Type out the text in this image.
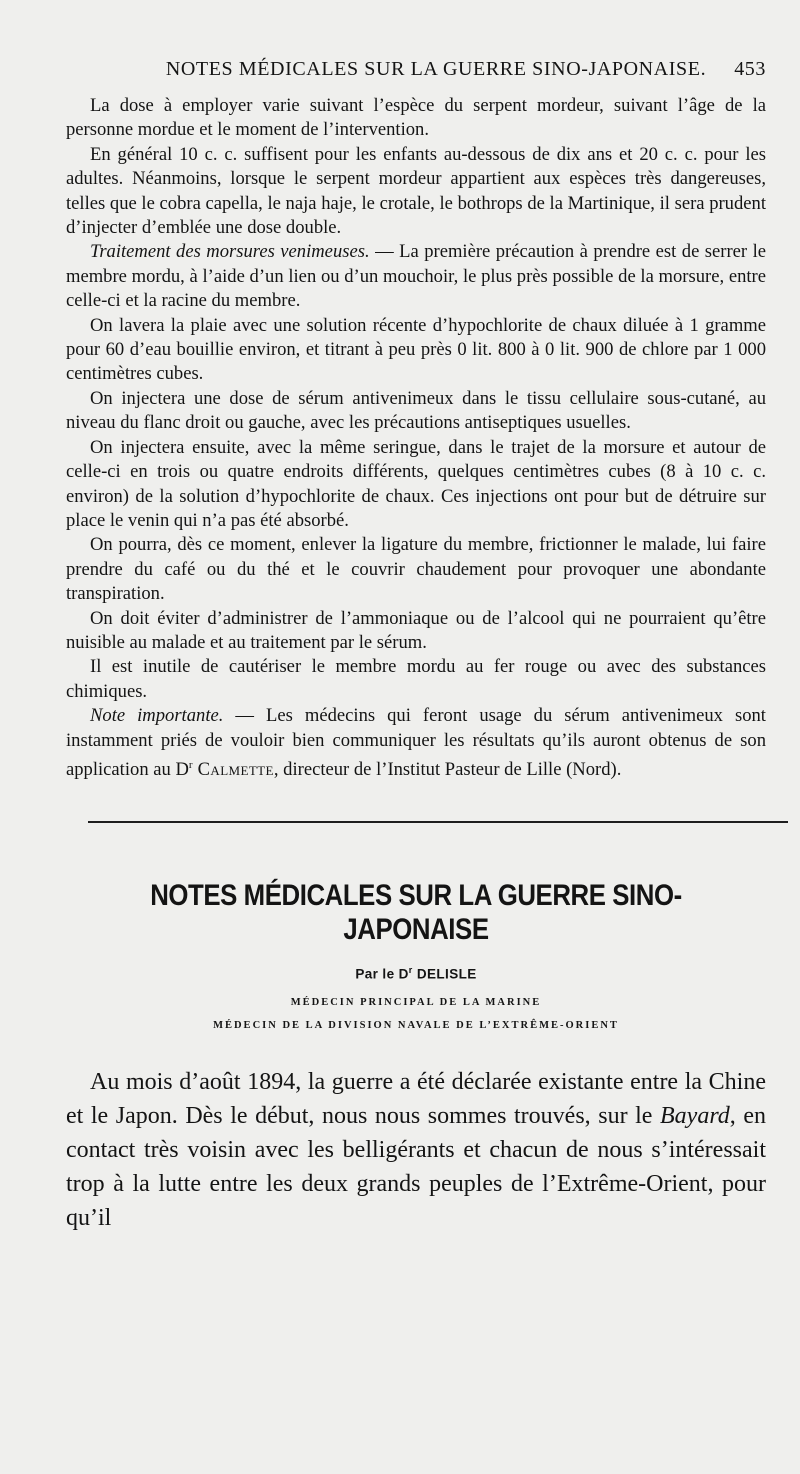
NOTES MÉDICALES SUR LA GUERRE SINO-JAPONAISE. 453

La dose à employer varie suivant l’espèce du serpent mordeur, suivant l’âge de la personne mordue et le moment de l’intervention.

En général 10 c. c. suffisent pour les enfants au-dessous de dix ans et 20 c. c. pour les adultes. Néanmoins, lorsque le serpent mordeur appartient aux espèces très dangereuses, telles que le cobra capella, le naja haje, le crotale, le bothrops de la Martinique, il sera prudent d’injecter d’emblée une dose double.

Traitement des morsures venimeuses. — La première précaution à prendre est de serrer le membre mordu, à l’aide d’un lien ou d’un mouchoir, le plus près possible de la morsure, entre celle-ci et la racine du membre.

On lavera la plaie avec une solution récente d’hypochlorite de chaux diluée à 1 gramme pour 60 d’eau bouillie environ, et titrant à peu près 0 lit. 800 à 0 lit. 900 de chlore par 1 000 centimètres cubes.

On injectera une dose de sérum antivenimeux dans le tissu cellulaire sous-cutané, au niveau du flanc droit ou gauche, avec les précautions antiseptiques usuelles.

On injectera ensuite, avec la même seringue, dans le trajet de la morsure et autour de celle-ci en trois ou quatre endroits différents, quelques centimètres cubes (8 à 10 c. c. environ) de la solution d’hypochlorite de chaux. Ces injections ont pour but de détruire sur place le venin qui n’a pas été absorbé.

On pourra, dès ce moment, enlever la ligature du membre, frictionner le malade, lui faire prendre du café ou du thé et le couvrir chaudement pour provoquer une abondante transpiration.

On doit éviter d’administrer de l’ammoniaque ou de l’alcool qui ne pourraient qu’être nuisible au malade et au traitement par le sérum.

Il est inutile de cautériser le membre mordu au fer rouge ou avec des substances chimiques.

Note importante. — Les médecins qui feront usage du sérum antivenimeux sont instamment priés de vouloir bien communiquer les résultats qu’ils auront obtenus de son application au $D^r$ Calmette, directeur de l’Institut Pasteur de Lille (Nord).

NOTES MÉDICALES SUR LA GUERRE SINO-JAPONAISE
Par le $D^r$ DELISLE
MÉDECIN PRINCIPAL DE LA MARINE
MÉDECIN DE LA DIVISION NAVALE DE L’EXTRÊME-ORIENT

Au mois d’août 1894, la guerre a été déclarée existante entre la Chine et le Japon. Dès le début, nous nous sommes trouvés, sur le Bayard, en contact très voisin avec les belligérants et chacun de nous s’intéressait trop à la lutte entre les deux grands peuples de l’Extrême-Orient, pour qu’il
